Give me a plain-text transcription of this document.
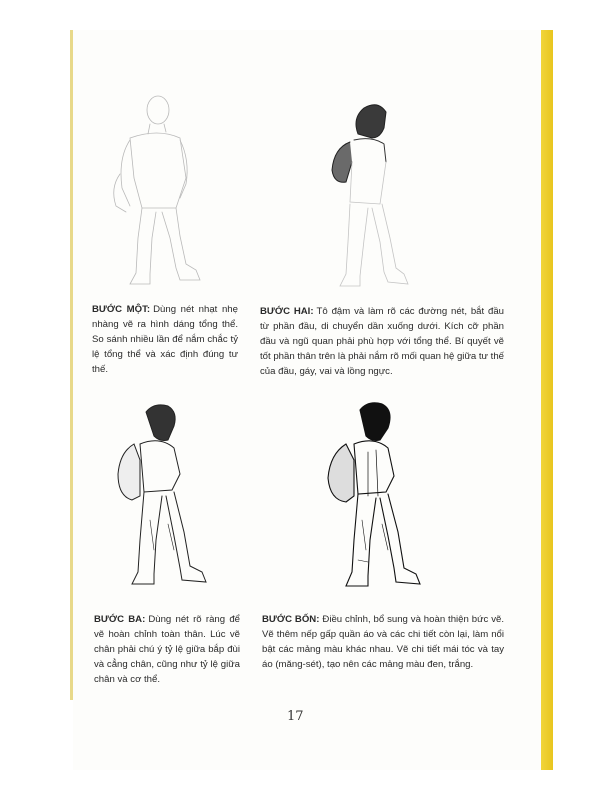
BƯỚC MỘT: Dùng nét nhạt nhẹ nhàng vẽ ra hình dáng tổng thể. So sánh nhiều lần để nắm chắc tỷ lệ tổng thể và xác định đúng tư thế.
BƯỚC HAI: Tô đậm và làm rõ các đường nét, bắt đầu từ phần đầu, di chuyển dần xuống dưới. Kích cỡ phần đầu và ngũ quan phải phù hợp với tổng thể. Bí quyết vẽ tốt phần thân trên là phải nắm rõ mối quan hệ giữa tư thế của đầu, gáy, vai và lồng ngực.
BƯỚC BA: Dùng nét rõ ràng để vẽ hoàn chỉnh toàn thân. Lúc vẽ chân phải chú ý tỷ lệ giữa bắp đùi và cẳng chân, cũng như tỷ lệ giữa chân và cơ thể.
BƯỚC BỐN: Điều chỉnh, bổ sung và hoàn thiện bức vẽ. Vẽ thêm nếp gấp quần áo và các chi tiết còn lại, làm nổi bật các mảng màu khác nhau. Vẽ chi tiết mái tóc và tay áo (măng-sét), tạo nên các mảng màu đen, trắng.
17
